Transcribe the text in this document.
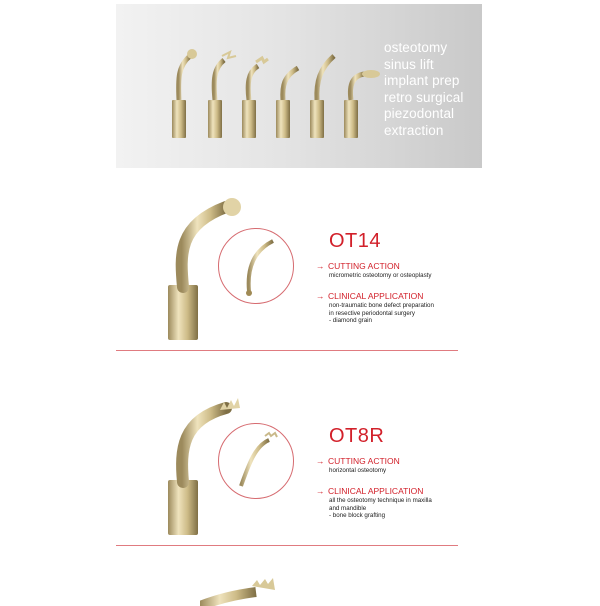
osteotomy
sinus lift
implant prep
retro surgical
piezodontal
extraction
OT14
→ CUTTING ACTION
micrometric osteotomy or osteoplasty
→ CLINICAL APPLICATION
non-traumatic bone defect preparation
in resective periodontal surgery
- diamond grain
OT8R
→ CUTTING ACTION
horizontal osteotomy
→ CLINICAL APPLICATION
all the osteotomy technique in maxilla
and mandible
- bone block grafting
